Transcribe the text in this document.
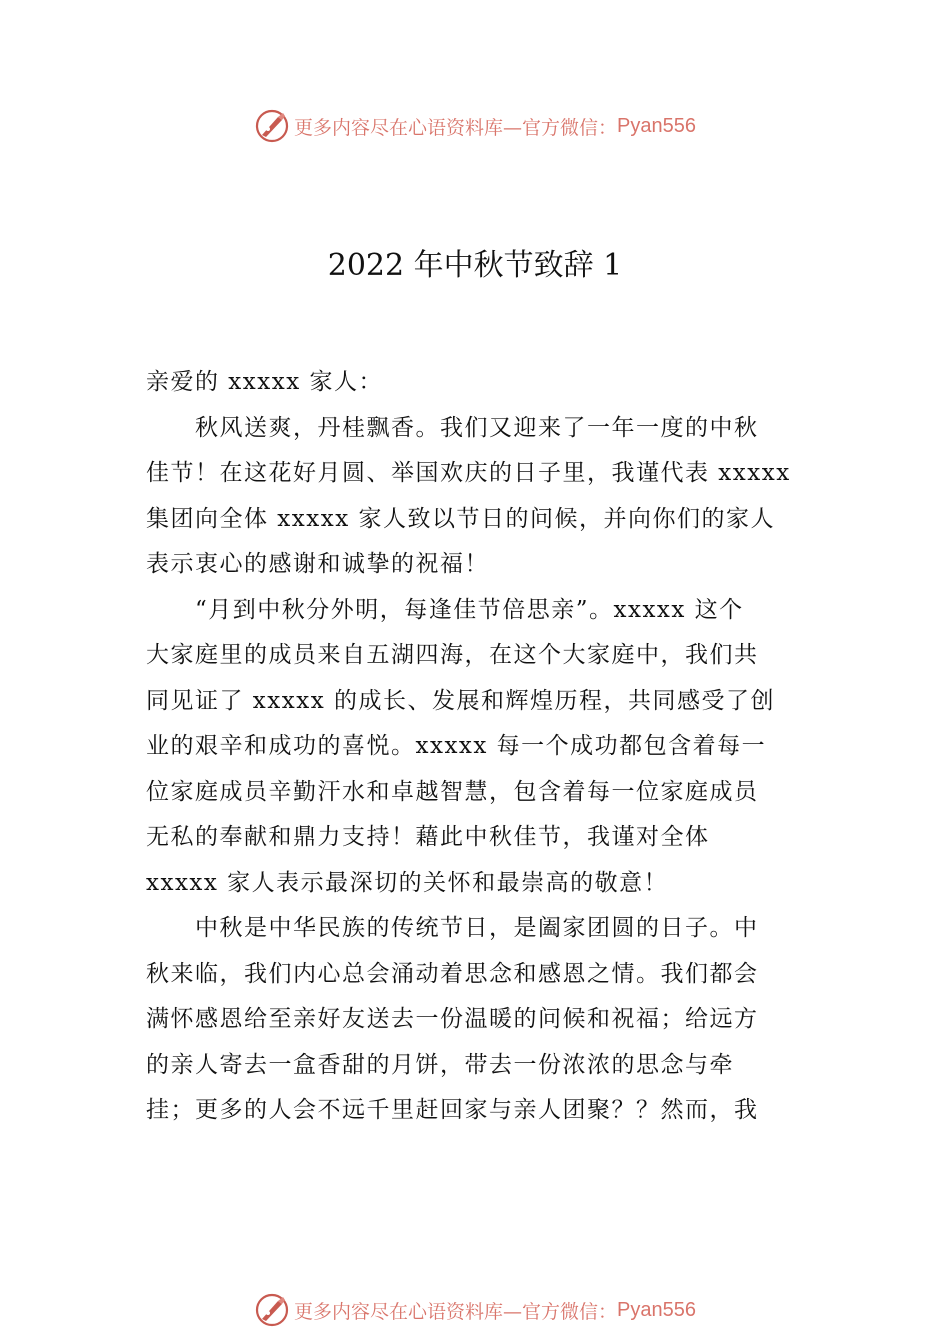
更多内容尽在心语资料库—官方微信： Pyan556
2022 年中秋节致辞 1
亲爱的 xxxxx 家人：
　　秋风送爽，丹桂飘香。我们又迎来了一年一度的中秋
佳节！在这花好月圆、举国欢庆的日子里，我谨代表 xxxxx
集团向全体 xxxxx 家人致以节日的问候，并向你们的家人
表示衷心的感谢和诚挚的祝福！
　　“月到中秋分外明，每逢佳节倍思亲”。xxxxx 这个
大家庭里的成员来自五湖四海，在这个大家庭中，我们共
同见证了 xxxxx 的成长、发展和辉煌历程，共同感受了创
业的艰辛和成功的喜悦。xxxxx 每一个成功都包含着每一
位家庭成员辛勤汗水和卓越智慧，包含着每一位家庭成员
无私的奉献和鼎力支持！藉此中秋佳节，我谨对全体
xxxxx 家人表示最深切的关怀和最崇高的敬意！
　　中秋是中华民族的传统节日，是阖家团圆的日子。中
秋来临，我们内心总会涌动着思念和感恩之情。我们都会
满怀感恩给至亲好友送去一份温暖的问候和祝福；给远方
的亲人寄去一盒香甜的月饼，带去一份浓浓的思念与牵
挂；更多的人会不远千里赶回家与亲人团聚？？然而，我
更多内容尽在心语资料库—官方微信： Pyan556
